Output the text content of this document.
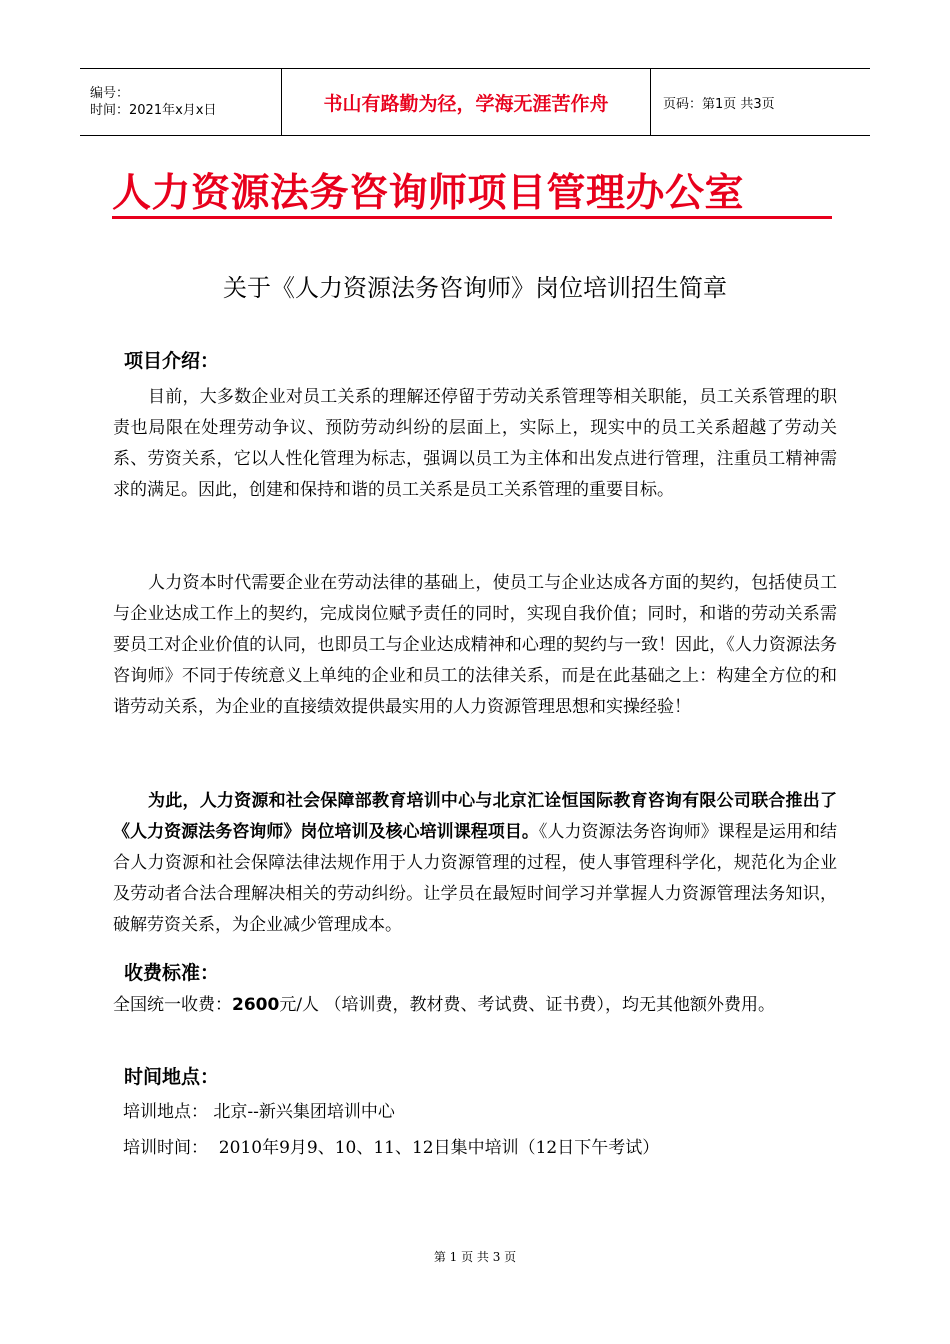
编号：
时间：2021年x月x日	书山有路勤为径，学海无涯苦作舟	页码：第1页 共3页
人力资源法务咨询师项目管理办公室
关于《人力资源法务咨询师》岗位培训招生简章
项目介绍：

目前，大多数企业对员工关系的理解还停留于劳动关系管理等相关职能，员工关系管理的职责也局限在处理劳动争议、预防劳动纠纷的层面上，实际上，现实中的员工关系超越了劳动关系、劳资关系，它以人性化管理为标志，强调以员工为主体和出发点进行管理，注重员工精神需求的满足。因此，创建和保持和谐的员工关系是员工关系管理的重要目标。

人力资本时代需要企业在劳动法律的基础上，使员工与企业达成各方面的契约，包括使员工与企业达成工作上的契约，完成岗位赋予责任的同时，实现自我价值；同时，和谐的劳动关系需要员工对企业价值的认同，也即员工与企业达成精神和心理的契约与一致！因此，《人力资源法务咨询师》不同于传统意义上单纯的企业和员工的法律关系，而是在此基础之上：构建全方位的和谐劳动关系，为企业的直接绩效提供最实用的人力资源管理思想和实操经验！

为此，人力资源和社会保障部教育培训中心与北京汇诠恒国际教育咨询有限公司联合推出了《人力资源法务咨询师》岗位培训及核心培训课程项目。《人力资源法务咨询师》课程是运用和结合人力资源和社会保障法律法规作用于人力资源管理的过程，使人事管理科学化，规范化为企业及劳动者合法合理解决相关的劳动纠纷。让学员在最短时间学习并掌握人力资源管理法务知识，破解劳资关系，为企业减少管理成本。

收费标准：

全国统一收费：2600元/人 （培训费，教材费、考试费、证书费），均无其他额外费用。

时间地点：

培训地点： 北京--新兴集团培训中心

培训时间：  2010年9月9、10、11、12日集中培训（12日下午考试）

第 1 页 共 3 页
